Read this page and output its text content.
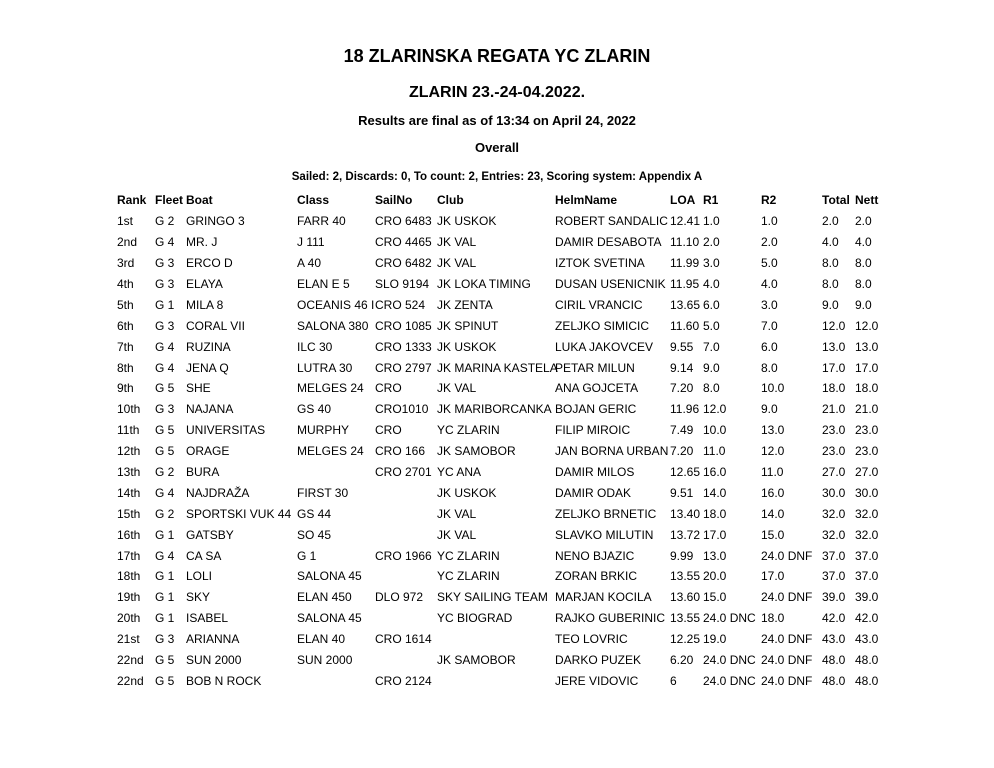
18 ZLARINSKA REGATA YC ZLARIN
ZLARIN 23.-24-04.2022.
Results are final as of 13:34 on April 24, 2022
Overall
Sailed: 2, Discards: 0, To count: 2, Entries: 23, Scoring system: Appendix A
Rank	Fleet	Boat	Class	SailNo	Club	HelmName	LOA	R1	R2	Total	Nett
1st	G 2	GRINGO 3	FARR 40	CRO 6483	JK USKOK	ROBERT SANDALIC	12.41	1.0	1.0	2.0	2.0
2nd	G 4	MR. J	J 111	CRO 4465	JK VAL	DAMIR DESABOTA	11.10	2.0	2.0	4.0	4.0
3rd	G 3	ERCO D	A 40	CRO 6482	JK VAL	IZTOK SVETINA	11.99	3.0	5.0	8.0	8.0
4th	G 3	ELAYA	ELAN E 5	SLO 9194	JK LOKA TIMING	DUSAN USENICNIK	11.95	4.0	4.0	8.0	8.0
5th	G 1	MILA 8	OCEANIS 46 I	CRO 524	JK ZENTA	CIRIL VRANCIC	13.65	6.0	3.0	9.0	9.0
6th	G 3	CORAL VII	SALONA 380	CRO 1085	JK SPINUT	ZELJKO SIMICIC	11.60	5.0	7.0	12.0	12.0
7th	G 4	RUZINA	ILC 30	CRO 1333	JK USKOK	LUKA JAKOVCEV	9.55	7.0	6.0	13.0	13.0
8th	G 4	JENA Q	LUTRA 30	CRO 2797	JK MARINA KASTELA	PETAR MILUN	9.14	9.0	8.0	17.0	17.0
9th	G 5	SHE	MELGES 24	CRO	JK VAL	ANA GOJCETA	7.20	8.0	10.0	18.0	18.0
10th	G 3	NAJANA	GS 40	CRO1010	JK MARIBORCANKA	BOJAN GERIC	11.96	12.0	9.0	21.0	21.0
11th	G 5	UNIVERSITAS	MURPHY	CRO	YC ZLARIN	FILIP MIROIC	7.49	10.0	13.0	23.0	23.0
12th	G 5	ORAGE	MELGES 24	CRO 166	JK SAMOBOR	JAN BORNA URBAN	7.20	11.0	12.0	23.0	23.0
13th	G 2	BURA		CRO 2701	YC ANA	DAMIR MILOS	12.65	16.0	11.0	27.0	27.0
14th	G 4	NAJDRAŽA	FIRST 30		JK USKOK	DAMIR ODAK	9.51	14.0	16.0	30.0	30.0
15th	G 2	SPORTSKI VUK 44	GS 44		JK VAL	ZELJKO BRNETIC	13.40	18.0	14.0	32.0	32.0
16th	G 1	GATSBY	SO 45		JK VAL	SLAVKO MILUTIN	13.72	17.0	15.0	32.0	32.0
17th	G 4	CA SA	G 1	CRO 1966	YC ZLARIN	NENO BJAZIC	9.99	13.0	24.0 DNF	37.0	37.0
18th	G 1	LOLI	SALONA 45		YC ZLARIN	ZORAN BRKIC	13.55	20.0	17.0	37.0	37.0
19th	G 1	SKY	ELAN 450	DLO 972	SKY SAILING TEAM	MARJAN KOCILA	13.60	15.0	24.0 DNF	39.0	39.0
20th	G 1	ISABEL	SALONA 45		YC BIOGRAD	RAJKO GUBERINIC	13.55	24.0 DNC	18.0	42.0	42.0
21st	G 3	ARIANNA	ELAN 40	CRO 1614		TEO LOVRIC	12.25	19.0	24.0 DNF	43.0	43.0
22nd	G 5	SUN 2000	SUN 2000		JK SAMOBOR	DARKO PUZEK	6.20	24.0 DNC	24.0 DNF	48.0	48.0
22nd	G 5	BOB N ROCK		CRO 2124		JERE VIDOVIC	6	24.0 DNC	24.0 DNF	48.0	48.0
